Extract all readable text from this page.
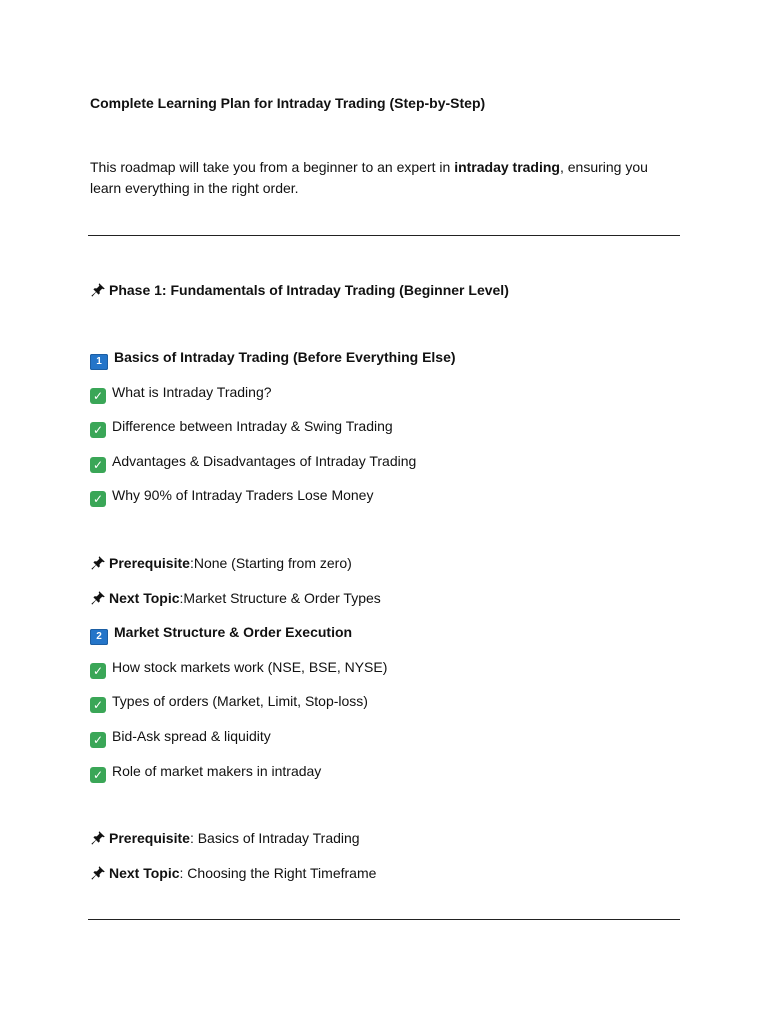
Complete Learning Plan for Intraday Trading (Step-by-Step)
This roadmap will take you from a beginner to an expert in intraday trading, ensuring you learn everything in the right order.
Phase 1: Fundamentals of Intraday Trading (Beginner Level)
1 Basics of Intraday Trading (Before Everything Else)
✓ What is Intraday Trading?
✓ Difference between Intraday & Swing Trading
✓ Advantages & Disadvantages of Intraday Trading
✓ Why 90% of Intraday Traders Lose Money
Prerequisite:None (Starting from zero)
Next Topic:Market Structure & Order Types
2 Market Structure & Order Execution
✓ How stock markets work (NSE, BSE, NYSE)
✓ Types of orders (Market, Limit, Stop-loss)
✓ Bid-Ask spread & liquidity
✓ Role of market makers in intraday
Prerequisite: Basics of Intraday Trading
Next Topic: Choosing the Right Timeframe
